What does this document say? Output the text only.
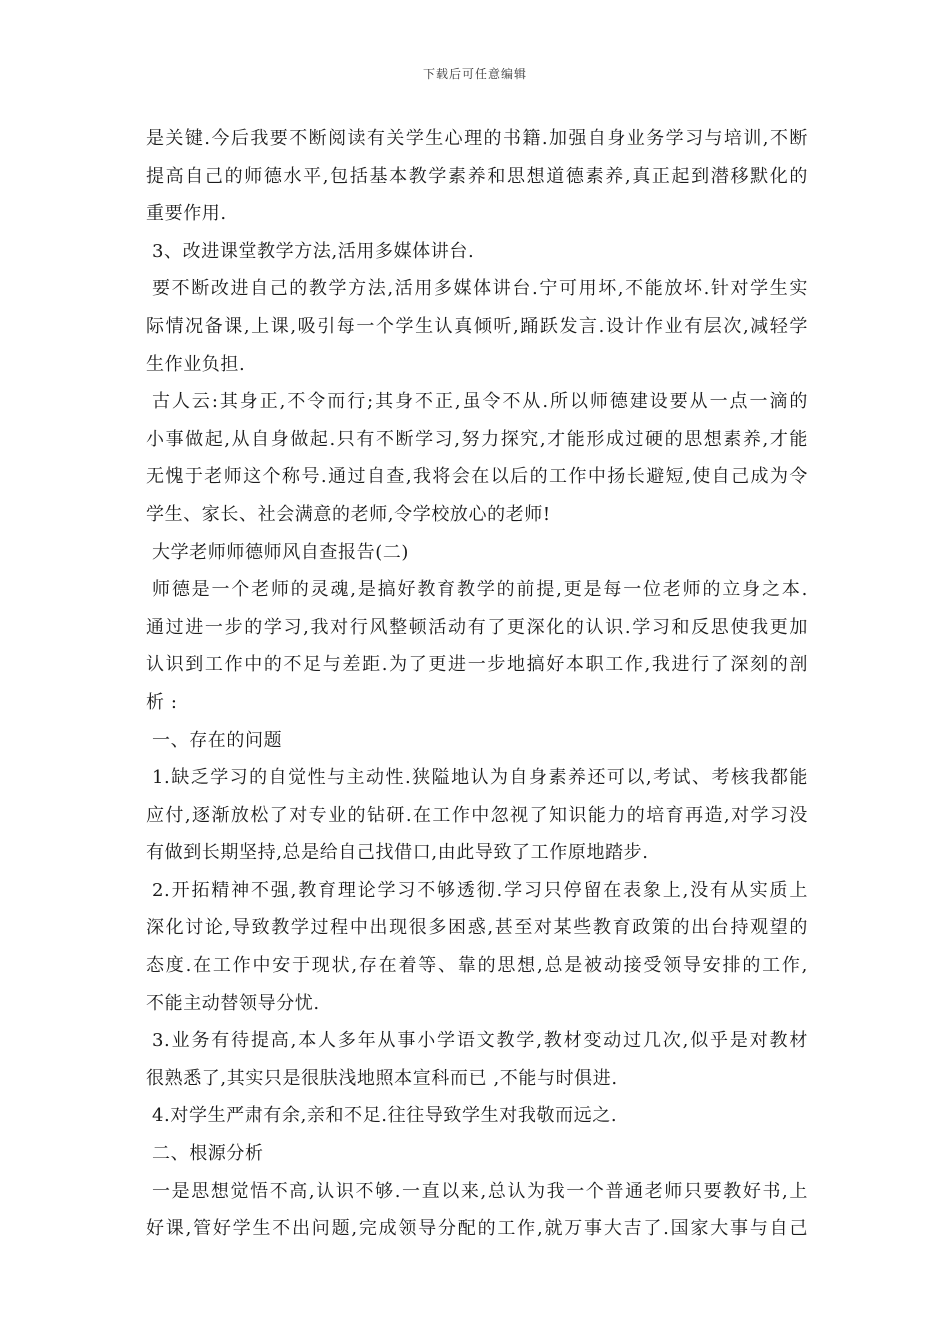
下载后可任意编辑
是关键.今后我要不断阅读有关学生心理的书籍.加强自身业务学习与培训,不断
提高自己的师德水平,包括基本教学素养和思想道德素养,真正起到潜移默化的
重要作用.
3、改进课堂教学方法,活用多媒体讲台.
要不断改进自己的教学方法,活用多媒体讲台.宁可用坏,不能放坏.针对学生实
际情况备课,上课,吸引每一个学生认真倾听,踊跃发言.设计作业有层次,减轻学
生作业负担.
古人云:其身正,不令而行;其身不正,虽令不从.所以师德建设要从一点一滴的
小事做起,从自身做起.只有不断学习,努力探究,才能形成过硬的思想素养,才能
无愧于老师这个称号.通过自查,我将会在以后的工作中扬长避短,使自己成为令
学生、家长、社会满意的老师,令学校放心的老师!
大学老师师德师风自查报告(二)
师德是一个老师的灵魂,是搞好教育教学的前提,更是每一位老师的立身之本.
通过进一步的学习,我对行风整顿活动有了更深化的认识.学习和反思使我更加
认识到工作中的不足与差距.为了更进一步地搞好本职工作,我进行了深刻的剖
析 :
一、存在的问题
1.缺乏学习的自觉性与主动性.狭隘地认为自身素养还可以,考试、考核我都能
应付,逐渐放松了对专业的钻研.在工作中忽视了知识能力的培育再造,对学习没
有做到长期坚持,总是给自己找借口,由此导致了工作原地踏步.
2.开拓精神不强,教育理论学习不够透彻.学习只停留在表象上,没有从实质上
深化讨论,导致教学过程中出现很多困惑,甚至对某些教育政策的出台持观望的
态度.在工作中安于现状,存在着等、靠的思想,总是被动接受领导安排的工作,
不能主动替领导分忧.
3.业务有待提高,本人多年从事小学语文教学,教材变动过几次,似乎是对教材
很熟悉了,其实只是很肤浅地照本宣科而已 ,不能与时俱进.
4.对学生严肃有余,亲和不足.往往导致学生对我敬而远之.
二、根源分析
一是思想觉悟不高,认识不够.一直以来,总认为我一个普通老师只要教好书,上
好课,管好学生不出问题,完成领导分配的工作,就万事大吉了.国家大事与自己
